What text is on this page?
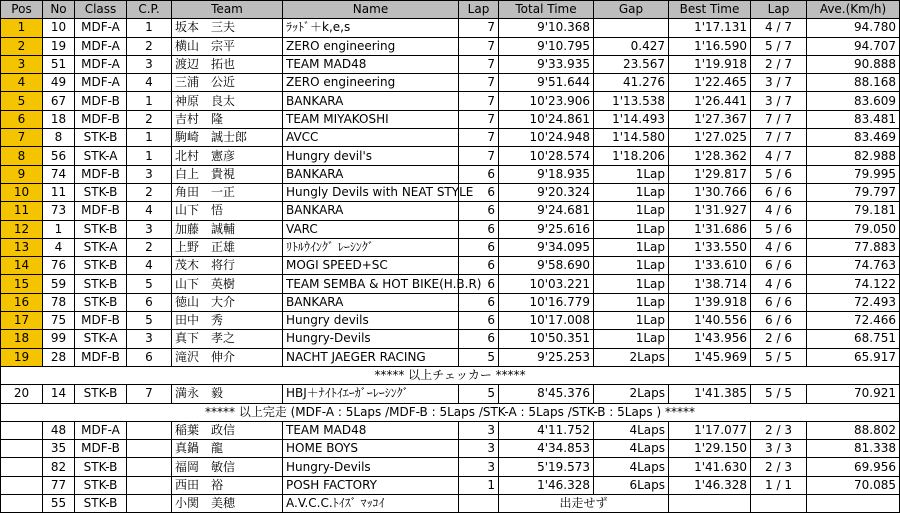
Pos	No	Class	C.P.	Team	Name	Lap	Total Time	Gap	Best Time	Lap	Ave.(Km/h)
1	10	MDF-A	1	坂本　三夫	ﾗｯﾄﾞ＋k,e,s	7	9'10.368		1'17.131	4 / 7	94.780
2	19	MDF-A	2	横山　宗平	ZERO engineering	7	9'10.795	0.427	1'16.590	5 / 7	94.707
3	51	MDF-A	3	渡辺　拓也	TEAM MAD48	7	9'33.935	23.567	1'19.918	2 / 7	90.888
4	49	MDF-A	4	三浦　公近	ZERO engineering	7	9'51.644	41.276	1'22.465	3 / 7	88.168
5	67	MDF-B	1	神原　良太	BANKARA	7	10'23.906	1'13.538	1'26.441	3 / 7	83.609
6	18	MDF-B	2	吉村　隆	TEAM MIYAKOSHI	7	10'24.861	1'14.493	1'27.367	7 / 7	83.481
7	8	STK-B	1	駒崎　誠士郎	AVCC	7	10'24.948	1'14.580	1'27.025	7 / 7	83.469
8	56	STK-A	1	北村　憲彦	Hungry devil's	7	10'28.574	1'18.206	1'28.362	4 / 7	82.988
9	74	MDF-B	3	白上　貴視	BANKARA	6	9'18.935	1Lap	1'29.817	5 / 6	79.995
10	11	STK-B	2	角田　一正	Hungly Devils with NEAT STYLE	6	9'20.324	1Lap	1'30.766	6 / 6	79.797
11	73	MDF-B	4	山下　悟	BANKARA	6	9'24.681	1Lap	1'31.927	4 / 6	79.181
12	1	STK-B	3	加藤　誠輔	VARC	6	9'25.616	1Lap	1'31.686	5 / 6	79.050
13	4	STK-A	2	上野　正雄	ﾘﾄﾙｳｲﾝｸﾞ ﾚｰｼﾝｸﾞ	6	9'34.095	1Lap	1'33.550	4 / 6	77.883
14	76	STK-B	4	茂木　将行	MOGI SPEED+SC	6	9'58.690	1Lap	1'33.610	6 / 6	74.763
15	59	STK-B	5	山下　英樹	TEAM SEMBA & HOT BIKE(H.B.R)	6	10'03.221	1Lap	1'38.714	4 / 6	74.122
16	78	STK-B	6	徳山　大介	BANKARA	6	10'16.779	1Lap	1'39.918	6 / 6	72.493
17	75	MDF-B	5	田中　秀	Hungry devils	6	10'17.008	1Lap	1'40.556	6 / 6	72.466
18	99	STK-A	3	真下　孝之	Hungry-Devils	6	10'50.351	1Lap	1'43.956	2 / 6	68.751
19	28	MDF-B	6	滝沢　伸介	NACHT JAEGER RACING	5	9'25.253	2Laps	1'45.969	5 / 5	65.917
***** 以上チェッカー *****											
20	14	STK-B	7	満永　毅	HBJ＋ﾅｲﾄｲｴｰｶﾞｰﾚｰｼﾝｸﾞ	5	8'45.376	2Laps	1'41.385	5 / 5	70.921
***** 以上完走 (MDF-A : 5Laps /MDF-B : 5Laps /STK-A : 5Laps /STK-B : 5Laps ) *****											
	48	MDF-A		稲葉　政信	TEAM MAD48	3	4'11.752	4Laps	1'17.077	2 / 3	88.802
	35	MDF-B		真鍋　龍	HOME BOYS	3	4'34.853	4Laps	1'29.150	3 / 3	81.338
	82	STK-B		福岡　敏信	Hungry-Devils	3	5'19.573	4Laps	1'41.630	2 / 3	69.956
	77	STK-B		西田　裕	POSH FACTORY	1	1'46.328	6Laps	1'46.328	1 / 1	70.085
	55	STK-B		小関　美穂	A.V.C.C.ﾄｲｽﾞ ﾏｯｺｲ		出走せず				
